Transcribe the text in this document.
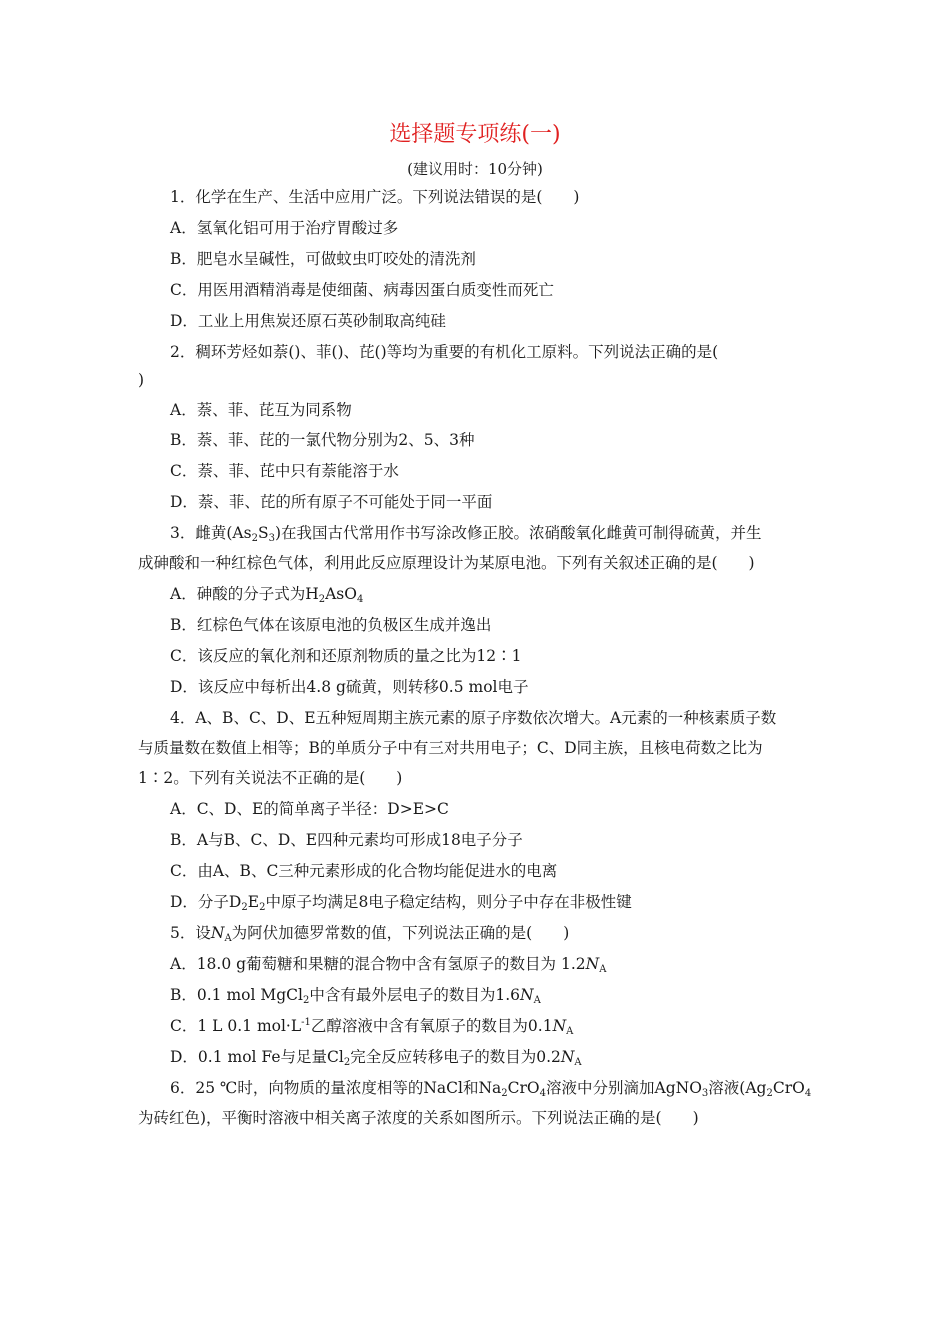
选择题专项练(一)
(建议用时：10分钟)
1．化学在生产、生活中应用广泛。下列说法错误的是(　　)
A．氢氧化铝可用于治疗胃酸过多
B．肥皂水呈碱性，可做蚊虫叮咬处的清洗剂
C．用医用酒精消毒是使细菌、病毒因蛋白质变性而死亡
D．工业上用焦炭还原石英砂制取高纯硅
2．稠环芳烃如萘()、菲()、芘()等均为重要的有机化工原料。下列说法正确的是(
)
A．萘、菲、芘互为同系物
B．萘、菲、芘的一氯代物分别为2、5、3种
C．萘、菲、芘中只有萘能溶于水
D．萘、菲、芘的所有原子不可能处于同一平面
3．雌黄$(As_2S_3)$在我国古代常用作书写涂改修正胶。浓硝酸氧化雌黄可制得硫黄，并生
成砷酸和一种红棕色气体，利用此反应原理设计为某原电池。下列有关叙述正确的是(　　)
A．砷酸的分子式为$H_2AsO_4$
B．红棕色气体在该原电池的负极区生成并逸出
C．该反应的氧化剂和还原剂物质的量之比为12∶1
D．该反应中每析出4.8 g硫黄，则转移0.5 mol电子
4．A、B、C、D、E五种短周期主族元素的原子序数依次增大。A元素的一种核素质子数
与质量数在数值上相等；B的单质分子中有三对共用电子；C、D同主族，且核电荷数之比为
1∶2。下列有关说法不正确的是(　　)
A．C、D、E的简单离子半径：D>E>C
B．A与B、C、D、E四种元素均可形成18电子分子
C．由A、B、C三种元素形成的化合物均能促进水的电离
D．分子$D_2E_2$中原子均满足8电子稳定结构，则分子中存在非极性键
5．设$N_A$为阿伏加德罗常数的值，下列说法正确的是(　　)
A．18.0 g葡萄糖和果糖的混合物中含有氢原子的数目为 $1.2N_A$
B．0.1 mol MgCl$_2$中含有最外层电子的数目为$1.6N_A$
C．1 L 0.1 $mol\cdot L^{-1}$乙醇溶液中含有氧原子的数目为$0.1N_A$
D．0.1 mol Fe与足量$Cl_2$完全反应转移电子的数目为$0.2N_A$
6．25 ℃时，向物质的量浓度相等的NaCl和$Na_2CrO_4$溶液中分别滴加AgNO$_3$溶液($Ag_2CrO_4$
为砖红色)，平衡时溶液中相关离子浓度的关系如图所示。下列说法正确的是(　　)
